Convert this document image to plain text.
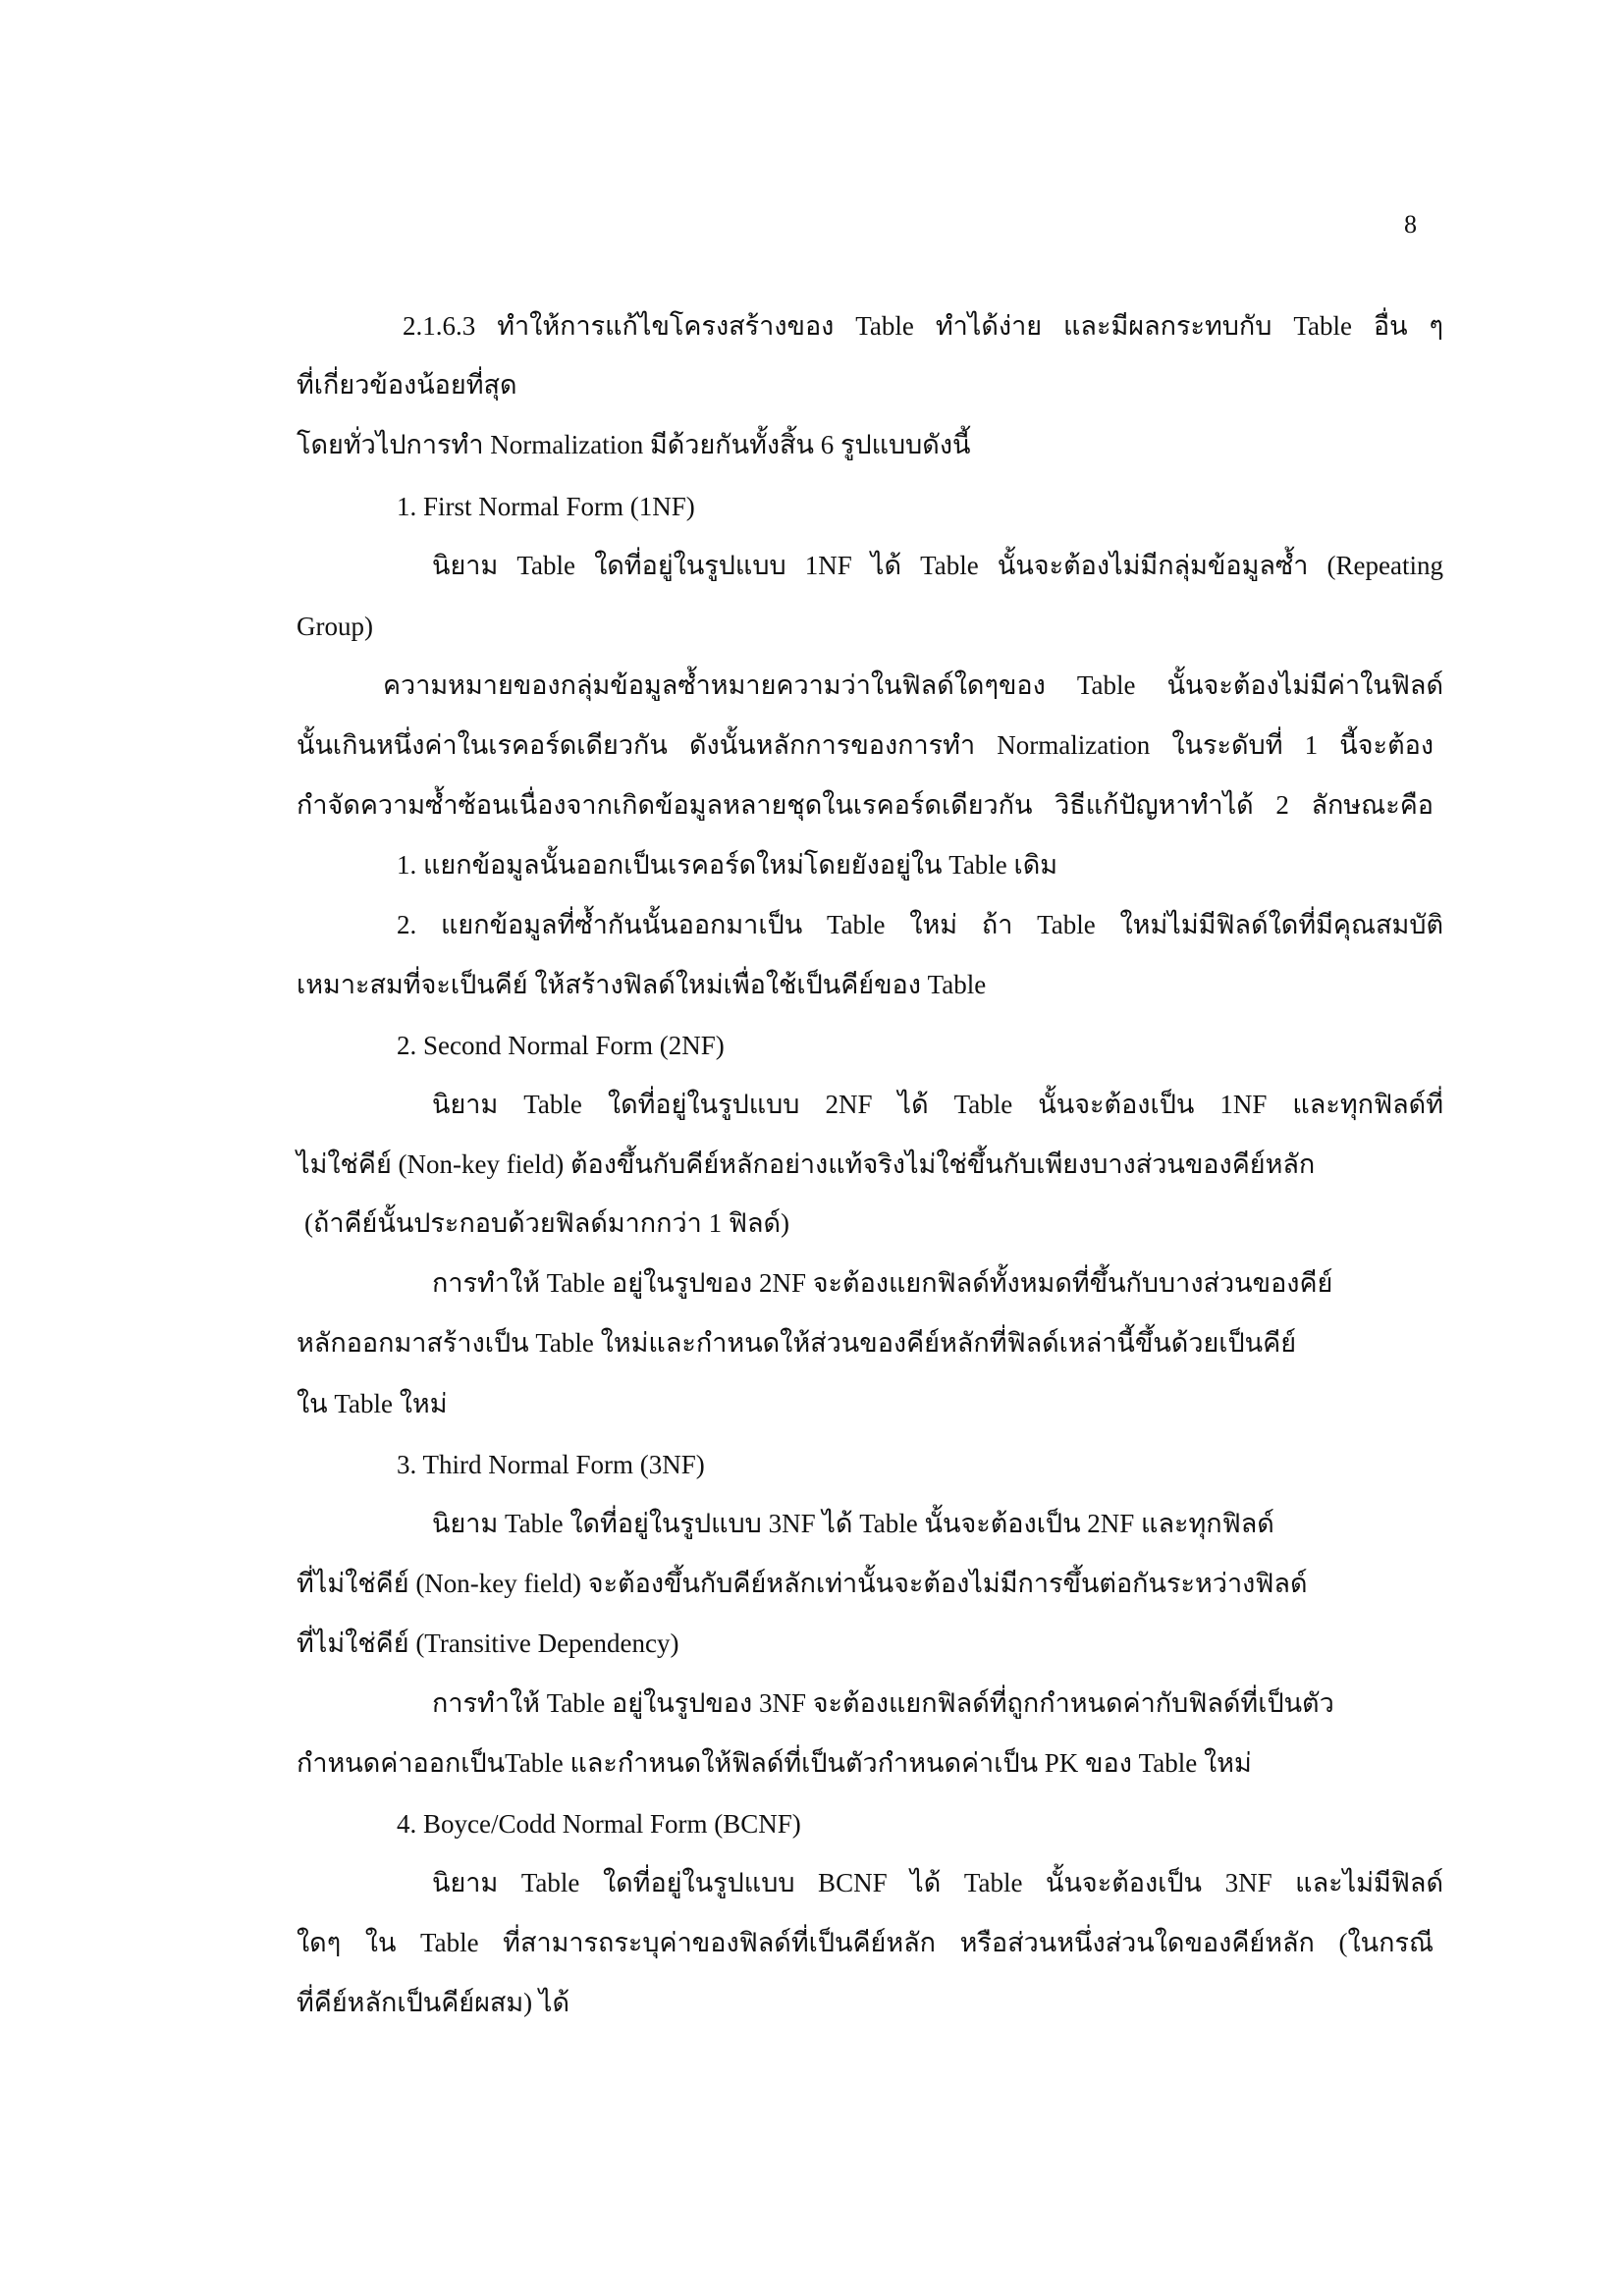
8
2.1.6.3 ทำให้การแก้ไขโครงสร้างของ Table ทำได้ง่าย และมีผลกระทบกับ Table อื่น ๆ
ที่เกี่ยวข้องน้อยที่สุด
โดยทั่วไปการทำ Normalization มีด้วยกันทั้งสิ้น 6 รูปแบบดังนี้
1. First Normal Form (1NF)
นิยาม Table ใดที่อยู่ในรูปแบบ 1NF ได้ Table นั้นจะต้องไม่มีกลุ่มข้อมูลซ้ำ (Repeating
Group)
ความหมายของกลุ่มข้อมูลซ้ำหมายความว่าในฟิลด์ใดๆของ Table นั้นจะต้องไม่มีค่าในฟิลด์
นั้นเกินหนึ่งค่าในเรคอร์ดเดียวกัน ดังนั้นหลักการของการทำ Normalization ในระดับที่ 1 นี้จะต้อง
กำจัดความซ้ำซ้อนเนื่องจากเกิดข้อมูลหลายชุดในเรคอร์ดเดียวกัน วิธีแก้ปัญหาทำได้ 2 ลักษณะคือ
1. แยกข้อมูลนั้นออกเป็นเรคอร์ดใหม่โดยยังอยู่ใน Table เดิม
2. แยกข้อมูลที่ซ้ำกันนั้นออกมาเป็น Table ใหม่ ถ้า Table ใหม่ไม่มีฟิลด์ใดที่มีคุณสมบัติ
เหมาะสมที่จะเป็นคีย์ ให้สร้างฟิลด์ใหม่เพื่อใช้เป็นคีย์ของ Table
2. Second Normal Form (2NF)
นิยาม Table ใดที่อยู่ในรูปแบบ 2NF ได้ Table นั้นจะต้องเป็น 1NF และทุกฟิลด์ที่
ไม่ใช่คีย์ (Non-key field) ต้องขึ้นกับคีย์หลักอย่างแท้จริงไม่ใช่ขึ้นกับเพียงบางส่วนของคีย์หลัก
(ถ้าคีย์นั้นประกอบด้วยฟิลด์มากกว่า 1 ฟิลด์)
การทำให้ Table อยู่ในรูปของ 2NF จะต้องแยกฟิลด์ทั้งหมดที่ขึ้นกับบางส่วนของคีย์
หลักออกมาสร้างเป็น Table ใหม่และกำหนดให้ส่วนของคีย์หลักที่ฟิลด์เหล่านี้ขึ้นด้วยเป็นคีย์
ใน Table ใหม่
3. Third Normal Form (3NF)
นิยาม Table ใดที่อยู่ในรูปแบบ 3NF ได้ Table นั้นจะต้องเป็น 2NF และทุกฟิลด์
ที่ไม่ใช่คีย์ (Non-key field) จะต้องขึ้นกับคีย์หลักเท่านั้นจะต้องไม่มีการขึ้นต่อกันระหว่างฟิลด์
ที่ไม่ใช่คีย์ (Transitive Dependency)
การทำให้ Table อยู่ในรูปของ 3NF จะต้องแยกฟิลด์ที่ถูกกำหนดค่ากับฟิลด์ที่เป็นตัว
กำหนดค่าออกเป็นTable และกำหนดให้ฟิลด์ที่เป็นตัวกำหนดค่าเป็น PK ของ Table ใหม่
4. Boyce/Codd Normal Form (BCNF)
นิยาม Table ใดที่อยู่ในรูปแบบ BCNF ได้ Table นั้นจะต้องเป็น 3NF และไม่มีฟิลด์
ใดๆ ใน Table ที่สามารถระบุค่าของฟิลด์ที่เป็นคีย์หลัก หรือส่วนหนึ่งส่วนใดของคีย์หลัก (ในกรณี
ที่คีย์หลักเป็นคีย์ผสม) ได้
